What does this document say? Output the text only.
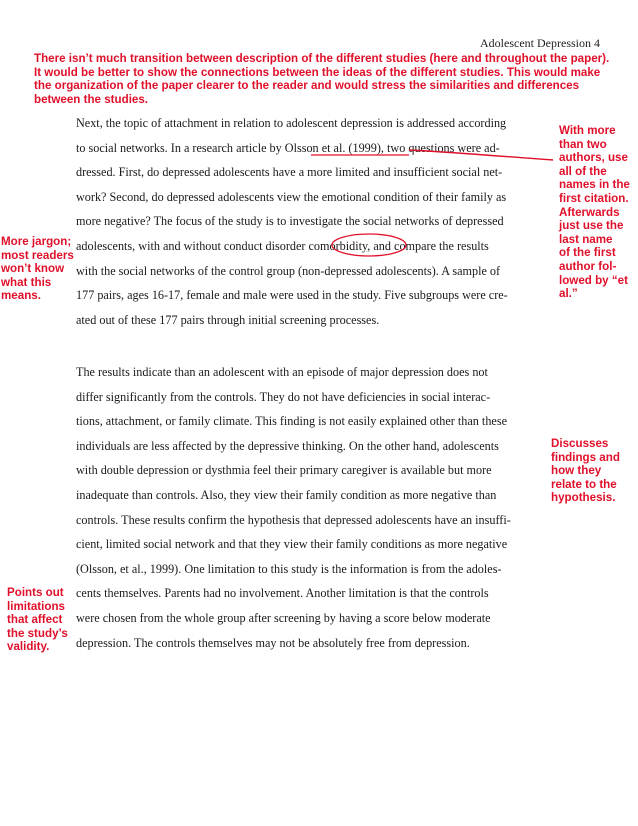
Adolescent Depression 4
There isn’t much transition between description of the different studies (here and throughout the paper). It would be better to show the connections between the ideas of the different studies. This would make the organization of the paper clearer to the reader and would stress the similarities and differences between the studies.
Next, the topic of attachment in relation to adolescent depression is addressed according
to social networks. In a research article by Olsson et al. (1999), two questions were ad-
dressed. First, do depressed adolescents have a more limited and insufficient social net-
work? Second, do depressed adolescents view the emotional condition of their family as
more negative? The focus of the study is to investigate the social networks of depressed
adolescents, with and without conduct disorder comorbidity, and compare the results
with the social networks of the control group (non-depressed adolescents). A sample of
177 pairs, ages 16-17, female and male were used in the study. Five subgroups were cre-
ated out of these 177 pairs through initial screening processes.
The results indicate than an adolescent with an episode of major depression does not
differ significantly from the controls. They do not have deficiencies in social interac-
tions, attachment, or family climate. This finding is not easily explained other than these
individuals are less affected by the depressive thinking. On the other hand, adolescents
with double depression or dysthmia feel their primary caregiver is available but more
inadequate than controls. Also, they view their family condition as more negative than
controls. These results confirm the hypothesis that depressed adolescents have an insuffi-
cient, limited social network and that they view their family conditions as more negative
(Olsson, et al., 1999). One limitation to this study is the information is from the adoles-
cents themselves. Parents had no involvement. Another limitation is that the controls
were chosen from the whole group after screening by having a score below moderate
depression. The controls themselves may not be absolutely free from depression.
With more
than two
authors, use
all of the
names in the
first citation.
Afterwards
just use the
last name
of the first
author fol-
lowed by “et
al.”
More jargon;
most readers
won’t know
what this
means.
Discusses
findings and
how they
relate to the
hypothesis.
Points out
limitations
that affect
the study’s
validity.
